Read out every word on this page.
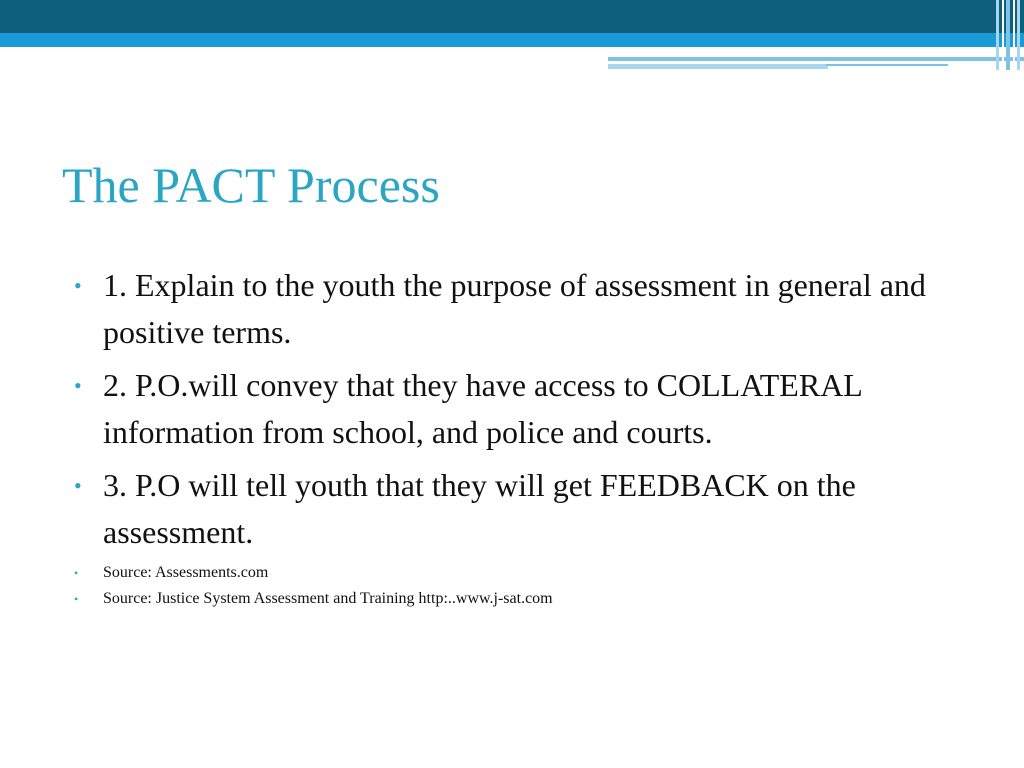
The PACT Process
• 1. Explain to the youth the purpose of assessment in general and positive terms.
• 2. P.O.will convey that they have access to COLLATERAL information from school, and police and courts.
• 3. P.O will tell youth that they will get FEEDBACK on the assessment.
• Source: Assessments.com
• Source: Justice System Assessment and Training http:..www.j-sat.com
